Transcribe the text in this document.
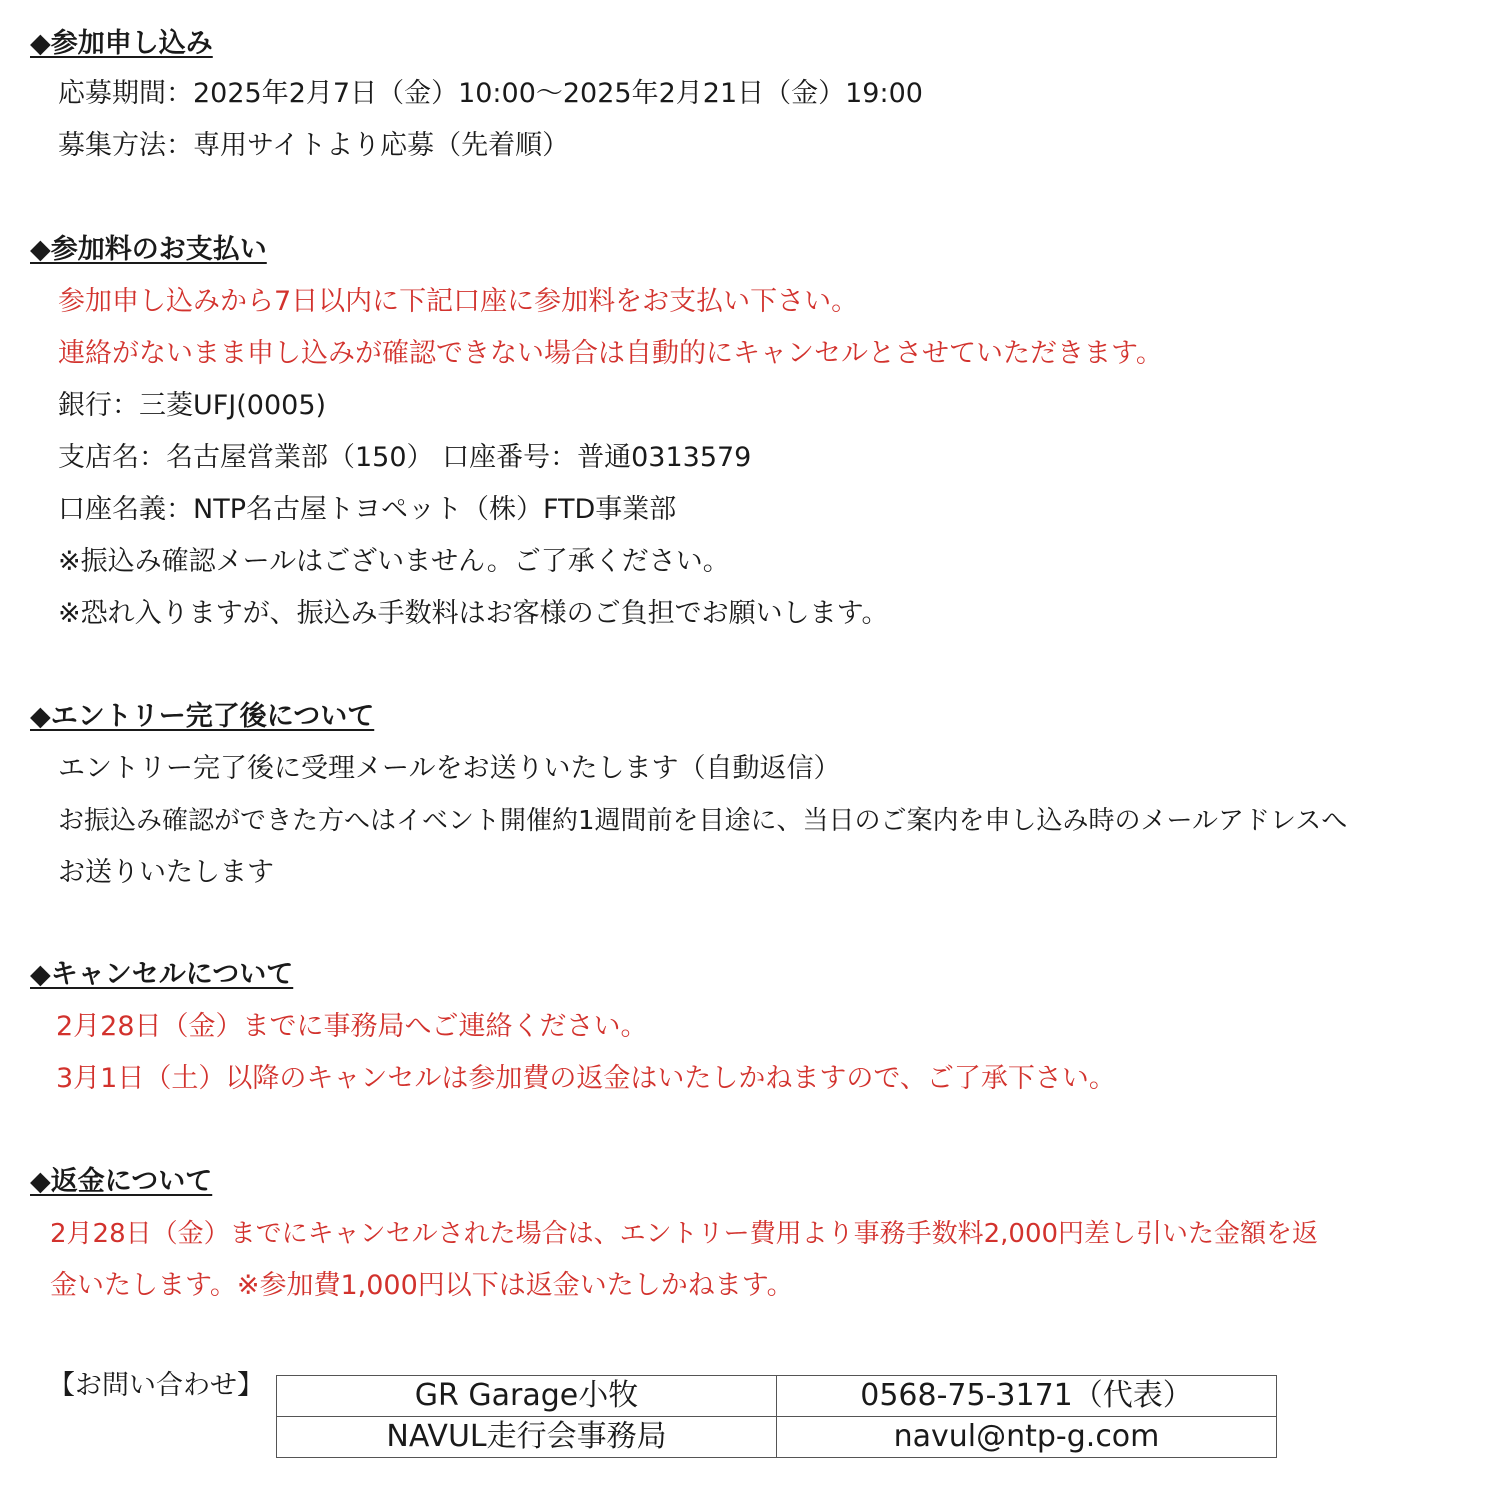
◆参加申し込み
応募期間：2025年2月7日（金）10:00～2025年2月21日（金）19:00
募集方法：専用サイトより応募（先着順）
◆参加料のお支払い
参加申し込みから7日以内に下記口座に参加料をお支払い下さい。
連絡がないまま申し込みが確認できない場合は自動的にキャンセルとさせていただきます。
銀行：三菱UFJ(0005)
支店名：名古屋営業部（150） 口座番号：普通0313579
口座名義：NTP名古屋トヨペット（株）FTD事業部
※振込み確認メールはございません。ご了承ください。
※恐れ入りますが、振込み手数料はお客様のご負担でお願いします。
◆エントリー完了後について
エントリー完了後に受理メールをお送りいたします（自動返信）
お振込み確認ができた方へはイベント開催約1週間前を目途に、当日のご案内を申し込み時のメールアドレスへ
お送りいたします
◆キャンセルについて
2月28日（金）までに事務局へご連絡ください。
3月1日（土）以降のキャンセルは参加費の返金はいたしかねますので、ご了承下さい。
◆返金について
2月28日（金）までにキャンセルされた場合は、エントリー費用より事務手数料2,000円差し引いた金額を返
金いたします。※参加費1,000円以下は返金いたしかねます。
【お問い合わせ】	GR Garage小牧	0568-75-3171（代表）
NAVUL走行会事務局	navul@ntp-g.com
